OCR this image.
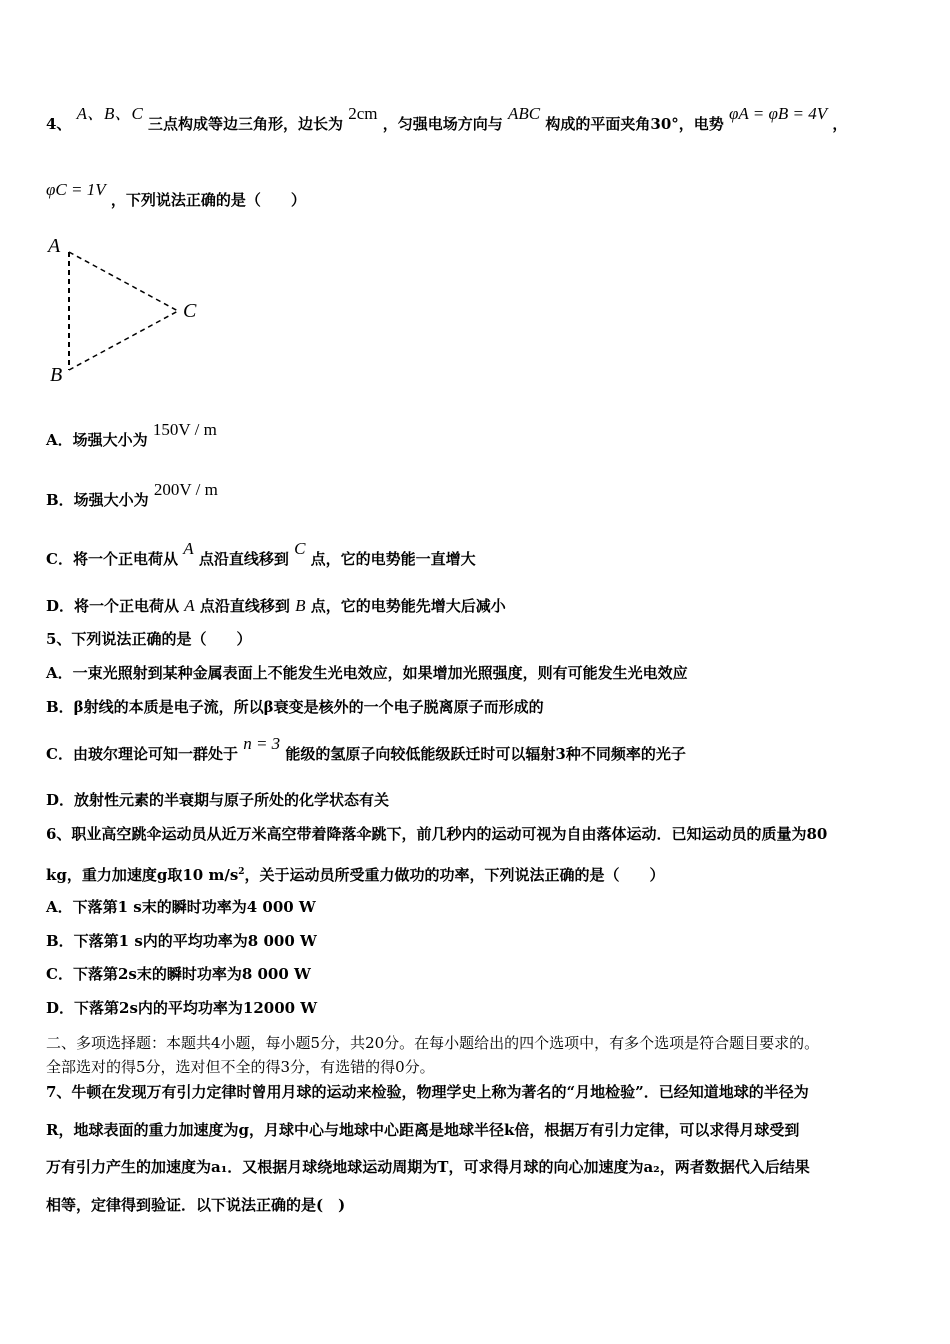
4、 A、B、C 三点构成等边三角形，边长为 2cm ，匀强电场方向与 ABC 构成的平面夹角30°，电势 φA = φB = 4V ，
φC = 1V ，下列说法正确的是（　　）
A
B
C
A．场强大小为 150V / m
B．场强大小为 200V / m
C．将一个正电荷从 A 点沿直线移到 C 点，它的电势能一直增大
D．将一个正电荷从 A 点沿直线移到 B 点，它的电势能先增大后减小
5、下列说法正确的是（　　）
A．一束光照射到某种金属表面上不能发生光电效应，如果增加光照强度，则有可能发生光电效应
B．β射线的本质是电子流，所以β衰变是核外的一个电子脱离原子而形成的
C．由玻尔理论可知一群处于 n = 3 能级的氢原子向较低能级跃迁时可以辐射3种不同频率的光子
D．放射性元素的半衰期与原子所处的化学状态有关
6、职业高空跳伞运动员从近万米高空带着降落伞跳下，前几秒内的运动可视为自由落体运动．已知运动员的质量为80
kg，重力加速度g取10 $m/s^2$，关于运动员所受重力做功的功率，下列说法正确的是（　　）
A．下落第1 s末的瞬时功率为4 000 W
B．下落第1 s内的平均功率为8 000 W
C．下落第2s末的瞬时功率为8 000 W
D．下落第2s内的平均功率为12000 W
二、多项选择题：本题共4小题，每小题5分，共20分。在每小题给出的四个选项中，有多个选项是符合题目要求的。
全部选对的得5分，选对但不全的得3分，有选错的得0分。
7、牛顿在发现万有引力定律时曾用月球的运动来检验，物理学史上称为著名的“月地检验”．已经知道地球的半径为
R，地球表面的重力加速度为g，月球中心与地球中心距离是地球半径k倍，根据万有引力定律，可以求得月球受到
万有引力产生的加速度为a₁．又根据月球绕地球运动周期为T，可求得月球的向心加速度为a₂，两者数据代入后结果
相等，定律得到验证．以下说法正确的是(　)
